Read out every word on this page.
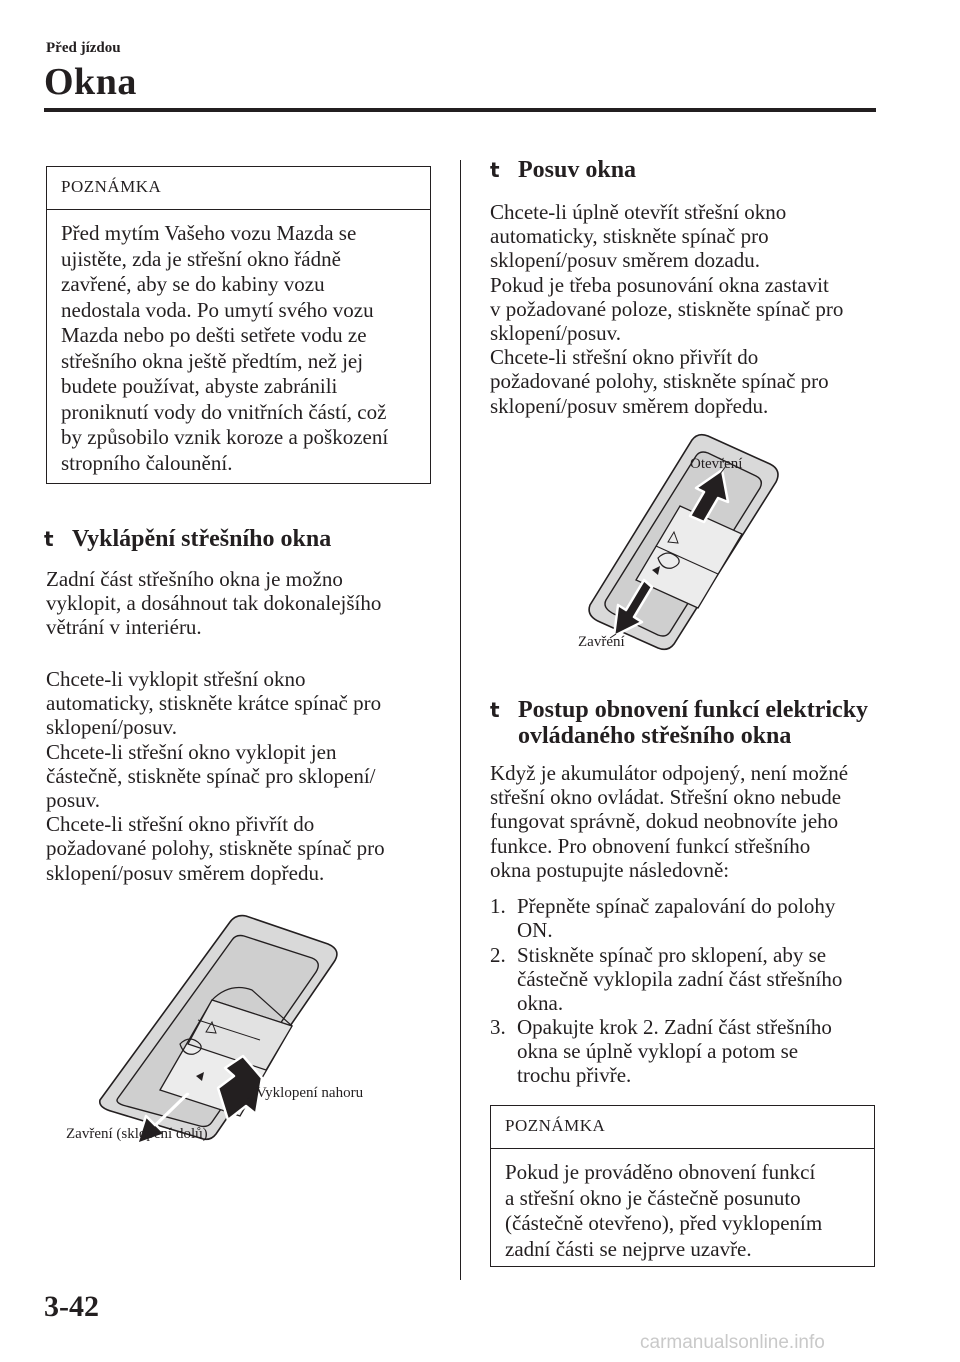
Před jízdou
Okna
POZNÁMKA
Před mytím Vašeho vozu Mazda se
ujistěte, zda je střešní okno řádně
zavřené, aby se do kabiny vozu
nedostala voda. Po umytí svého vozu
Mazda nebo po dešti setřete vodu ze
střešního okna ještě předtím, než jej
budete používat, abyste zabránili
proniknutí vody do vnitřních částí, což
by způsobilo vznik koroze a poškození
stropního čalounění.
t Vyklápění střešního okna
Zadní část střešního okna je možno
vyklopit, a dosáhnout tak dokonalejšího
větrání v interiéru.
Chcete-li vyklopit střešní okno
automaticky, stiskněte krátce spínač pro
sklopení/posuv.
Chcete-li střešní okno vyklopit jen
částečně, stiskněte spínač pro sklopení/
posuv.
Chcete-li střešní okno přivřít do
požadované polohy, stiskněte spínač pro
sklopení/posuv směrem dopředu.
Vyklopení nahoru
Zavření (sklopení dolů)
t Posuv okna
Chcete-li úplně otevřít střešní okno
automaticky, stiskněte spínač pro
sklopení/posuv směrem dozadu.
Pokud je třeba posunování okna zastavit
v požadované poloze, stiskněte spínač pro
sklopení/posuv.
Chcete-li střešní okno přivřít do
požadované polohy, stiskněte spínač pro
sklopení/posuv směrem dopředu.
Otevření
Zavření
t Postup obnovení funkcí elektricky
ovládaného střešního okna
Když je akumulátor odpojený, není možné
střešní okno ovládat. Střešní okno nebude
fungovat správně, dokud neobnovíte jeho
funkce. Pro obnovení funkcí střešního
okna postupujte následovně:
1. Přepněte spínač zapalování do polohy
ON.
2. Stiskněte spínač pro sklopení, aby se
částečně vyklopila zadní část střešního
okna.
3. Opakujte krok 2. Zadní část střešního
okna se úplně vyklopí a potom se
trochu přivře.
POZNÁMKA
Pokud je prováděno obnovení funkcí
a střešní okno je částečně posunuto
(částečně otevřeno), před vyklopením
zadní části se nejprve uzavře.
3-42
carmanualsonline.info
